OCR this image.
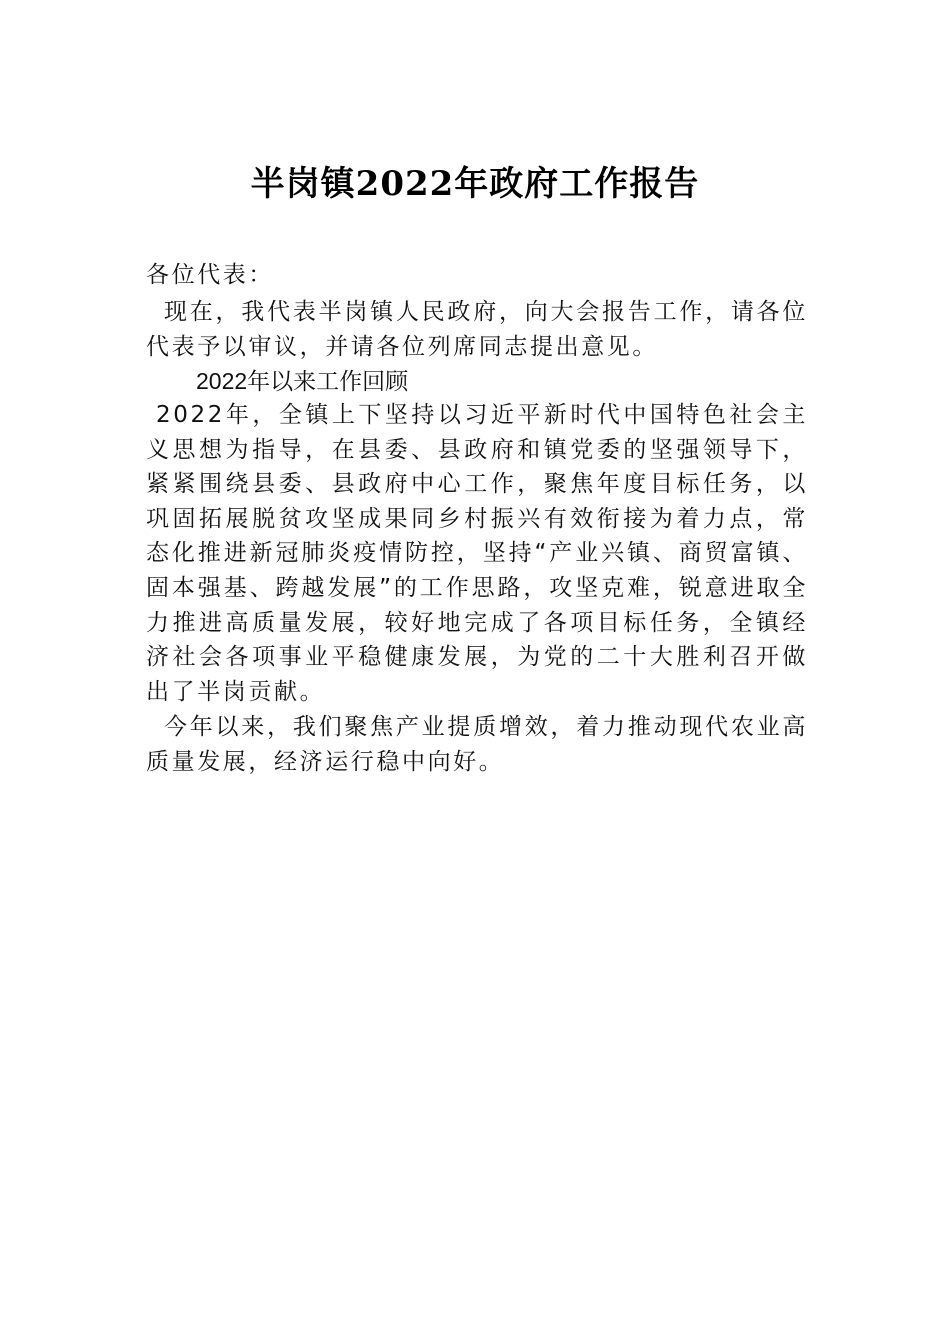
半岗镇2022年政府工作报告
各位代表：
现在，我代表半岗镇人民政府，向大会报告工作，请各位代表予以审议，并请各位列席同志提出意见。
2022年以来工作回顾
2022年，全镇上下坚持以习近平新时代中国特色社会主义思想为指导，在县委、县政府和镇党委的坚强领导下，紧紧围绕县委、县政府中心工作，聚焦年度目标任务，以巩固拓展脱贫攻坚成果同乡村振兴有效衔接为着力点，常态化推进新冠肺炎疫情防控，坚持“产业兴镇、商贸富镇、固本强基、跨越发展”的工作思路，攻坚克难，锐意进取全力推进高质量发展，较好地完成了各项目标任务，全镇经济社会各项事业平稳健康发展，为党的二十大胜利召开做出了半岗贡献。
今年以来，我们聚焦产业提质增效，着力推动现代农业高质量发展，经济运行稳中向好。
